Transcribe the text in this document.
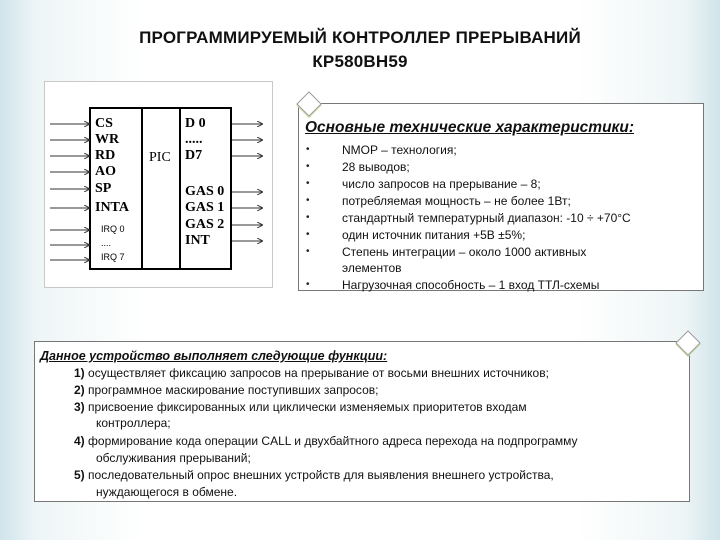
ПРОГРАММИРУЕМЫЙ КОНТРОЛЛЕР ПРЕРЫВАНИЙ
КР580ВН59
CS
WR
RD
AO
SP
INTA
IRQ 0
....
IRQ 7
PIC
D 0
.....
D7
GAS 0
GAS 1
GAS 2
INT
Основные технические характеристики:
•
•
•
•
•
•
•
•
NMOP – технология;
28 выводов;
число запросов на прерывание – 8;
потребляемая мощность – не более 1Вт;
стандартный температурный диапазон: -10 ÷ +70°C
один источник питания +5В ±5%;
Степень интеграции – около 1000 активных
элементов
Нагрузочная способность – 1 вход ТТЛ-схемы
Данное устройство выполняет следующие функции:
1) осуществляет фиксацию запросов на прерывание от восьми внешних источников;
2) программное маскирование поступивших запросов;
3) присвоение фиксированных или циклически изменяемых приоритетов входам
контроллера;
4) формирование кода операции CALL и двухбайтного адреса перехода на подпрограмму
обслуживания прерываний;
5) последовательный опрос внешних устройств для выявления внешнего устройства,
нуждающегося в обмене.
